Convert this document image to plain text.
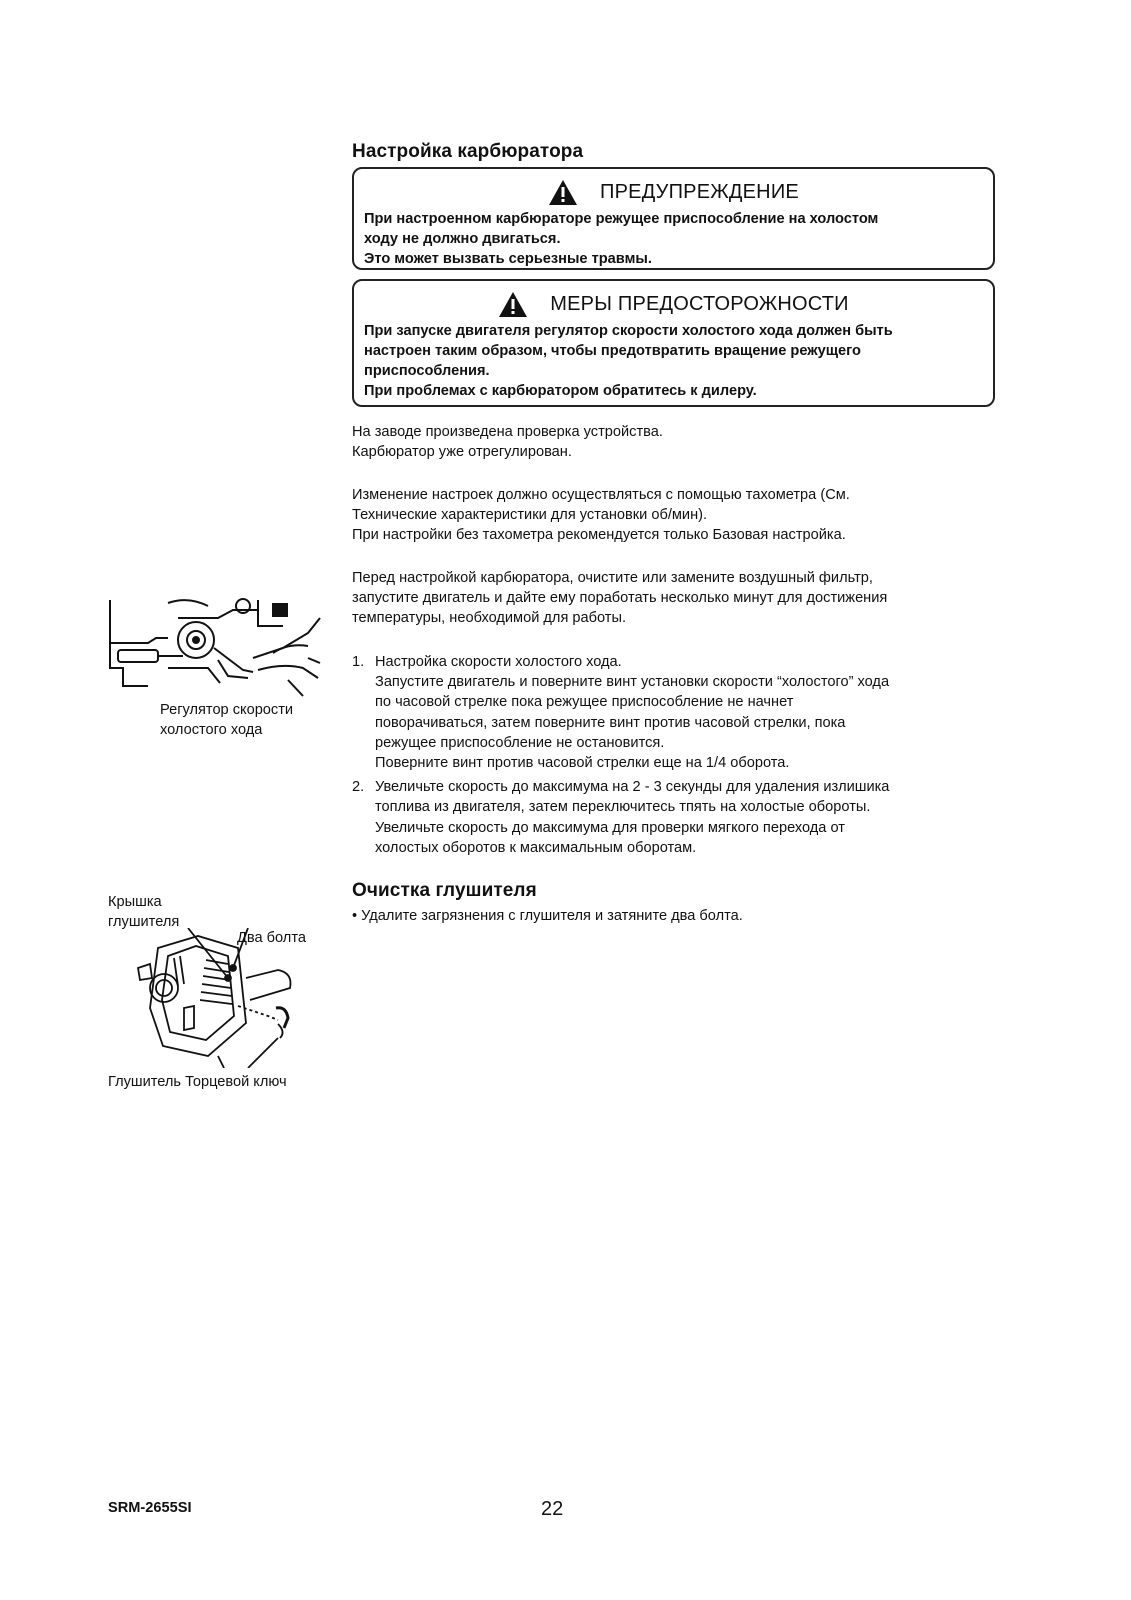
Настройка карбюратора
ПРЕДУПРЕЖДЕНИЕ

При настроенном карбюраторе режущее приспособление на холостом

ходу не должно двигаться.

Это может вызвать серьезные травмы.

МЕРЫ ПРЕДОСТОРОЖНОСТИ

При запуске двигателя регулятор скорости холостого хода должен быть

настроен таким образом, чтобы предотвратить вращение режущего

приспособления.

При проблемах с карбюратором обратитесь к дилеру.

На заводе произведена проверка устройства.

Карбюратор уже отрегулирован.

Изменение настроек должно осуществляться с помощью тахометра (См.

Технические характеристики для установки об/мин).

При настройки без тахометра рекомендуется только Базовая настройка.

Перед настройкой карбюратора, очистите или замените воздушный фильтр,

запустите двигатель и дайте ему поработать несколько минут для достижения

температуры, необходимой для работы.

1. Настройка скорости холостого хода.

Запустите двигатель и поверните винт установки скорости “холостого” хода

по часовой стрелке пока режущее приспособление не начнет

поворачиваться, затем поверните винт против часовой стрелки, пока

режущее приспособление не остановится.

Поверните винт против часовой стрелки еще на 1/4 оборота.

2. Увеличьте скорость до максимума на 2 - 3 секунды для удаления излишика

топлива из двигателя, затем переключитесь тпять на холостые обороты.

Увеличьте скорость до максимума для проверки мягкого перехода от

холостых оборотов к максимальным оборотам.

Регулятор скорости
холостого хода
Очистка глушителя
• Удалите загрязнения с глушителя и затяните два болта.
Крышка
глушителя
Два болта
Глушитель Торцевой ключ
SRM-2655SI	22
